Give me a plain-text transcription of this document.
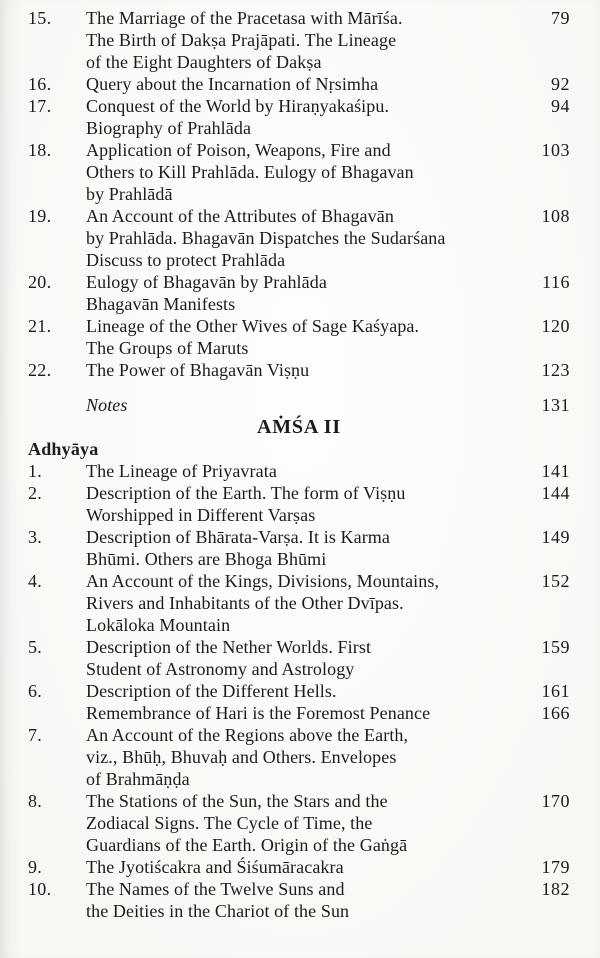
15.	The Marriage of the Pracetasa with Mārīśa.	79
The Birth of Dakṣa Prajāpati. The Lineage
of the Eight Daughters of Dakṣa
16.	Query about the Incarnation of Nṛsimha	92
17.	Conquest of the World by Hiraṇyakaśipu.	94
Biography of Prahlāda
18.	Application of Poison, Weapons, Fire and	103
Others to Kill Prahlāda. Eulogy of Bhagavan
by Prahlādā
19.	An Account of the Attributes of Bhagavān	108
by Prahlāda. Bhagavān Dispatches the Sudarśana
Discuss to protect Prahlāda
20.	Eulogy of Bhagavān by Prahlāda	116
Bhagavān Manifests
21.	Lineage of the Other Wives of Sage Kaśyapa.	120
The Groups of Maruts
22.	The Power of Bhagavān Viṣṇu	123
Notes	131
AṀŚA II
Adhyāya
1.	The Lineage of Priyavrata	141
2.	Description of the Earth. The form of Viṣṇu	144
Worshipped in Different Varṣas
3.	Description of Bhārata-Varṣa. It is Karma	149
Bhūmi. Others are Bhoga Bhūmi
4.	An Account of the Kings, Divisions, Mountains,	152
Rivers and Inhabitants of the Other Dvīpas.
Lokāloka Mountain
5.	Description of the Nether Worlds. First	159
Student of Astronomy and Astrology
6.	Description of the Different Hells.	161
Remembrance of Hari is the Foremost Penance	166
7.	An Account of the Regions above the Earth,
viz., Bhūḥ, Bhuvaḥ and Others. Envelopes
of Brahmāṇḍa
8.	The Stations of the Sun, the Stars and the	170
Zodiacal Signs. The Cycle of Time, the
Guardians of the Earth. Origin of the Gaṅgā
9.	The Jyotiścakra and Śiśumāracakra	179
10.	The Names of the Twelve Suns and	182
the Deities in the Chariot of the Sun
